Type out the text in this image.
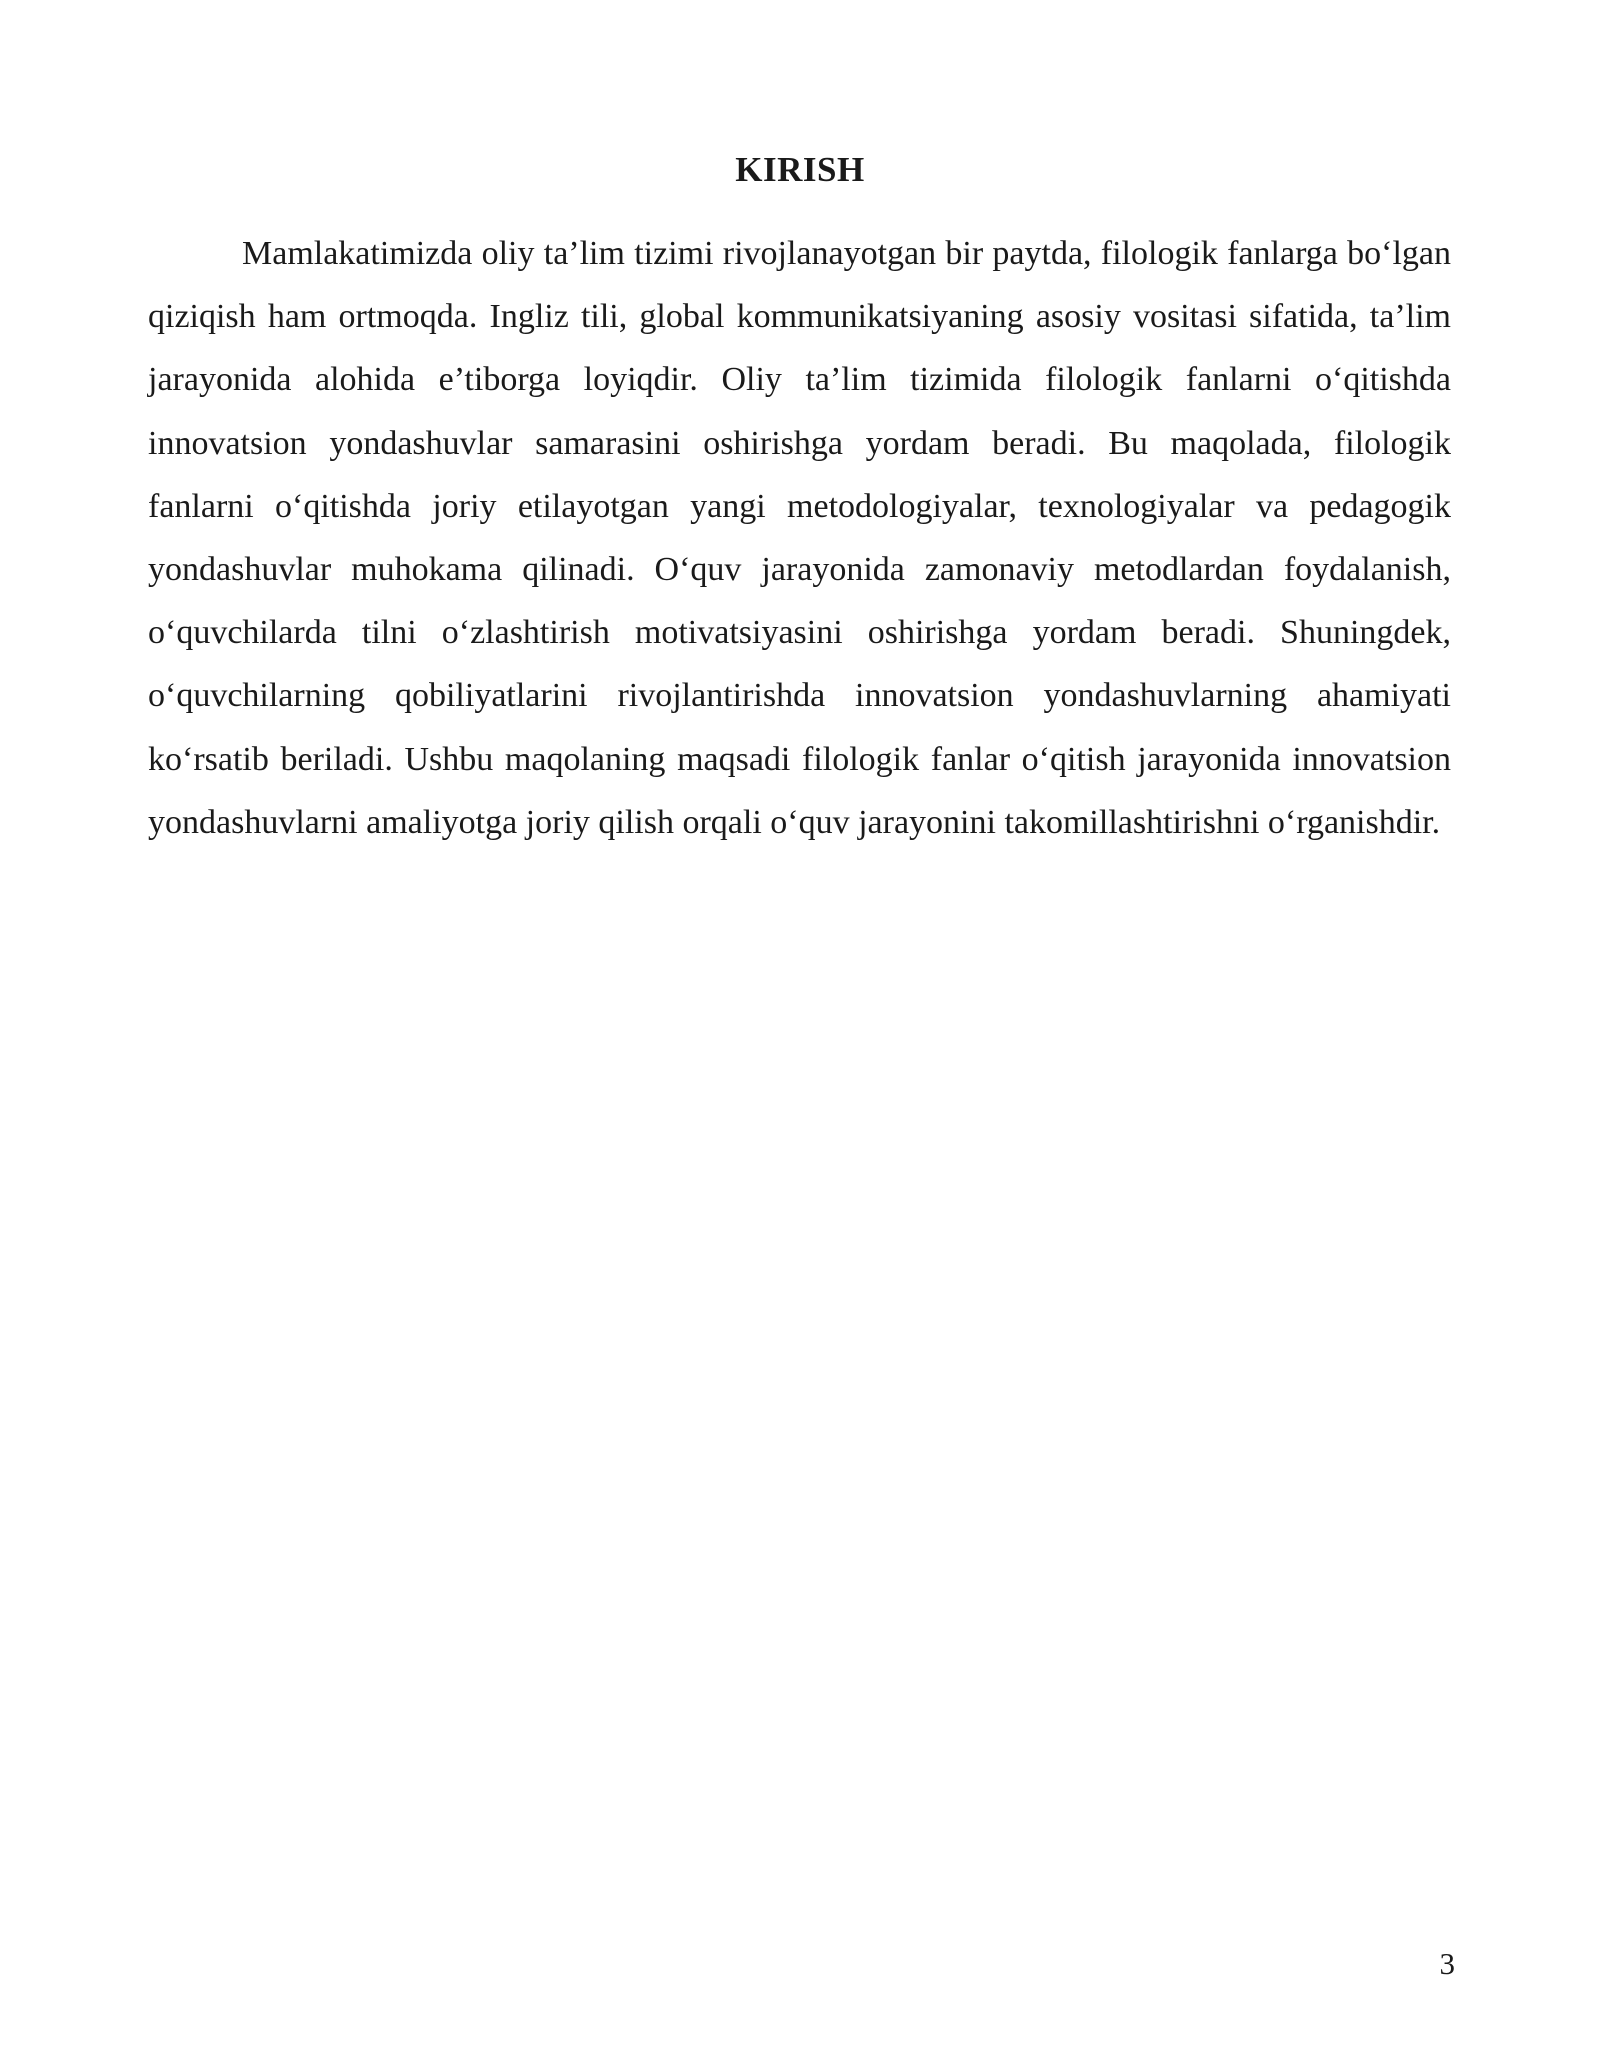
KIRISH

Mamlakatimizda oliy ta’lim tizimi rivojlanayotgan bir paytda, filologik fanlarga bo‘lgan qiziqish ham ortmoqda. Ingliz tili, global kommunikatsiyaning asosiy vositasi sifatida, ta’lim jarayonida alohida e’tiborga loyiqdir. Oliy ta’lim tizimida filologik fanlarni o‘qitishda innovatsion yondashuvlar samarasini oshirishga yordam beradi. Bu maqolada, filologik fanlarni o‘qitishda joriy etilayotgan yangi metodologiyalar, texnologiyalar va pedagogik yondashuvlar muhokama qilinadi. O‘quv jarayonida zamonaviy metodlardan foydalanish, o‘quvchilarda tilni o‘zlashtirish motivatsiyasini oshirishga yordam beradi. Shuningdek, o‘quvchilarning qobiliyatlarini rivojlantirishda innovatsion yondashuvlarning ahamiyati ko‘rsatib beriladi. Ushbu maqolaning maqsadi filologik fanlar o‘qitish jarayonida innovatsion yondashuvlarni amaliyotga joriy qilish orqali o‘quv jarayonini takomillashtirishni o‘rganishdir.

3
